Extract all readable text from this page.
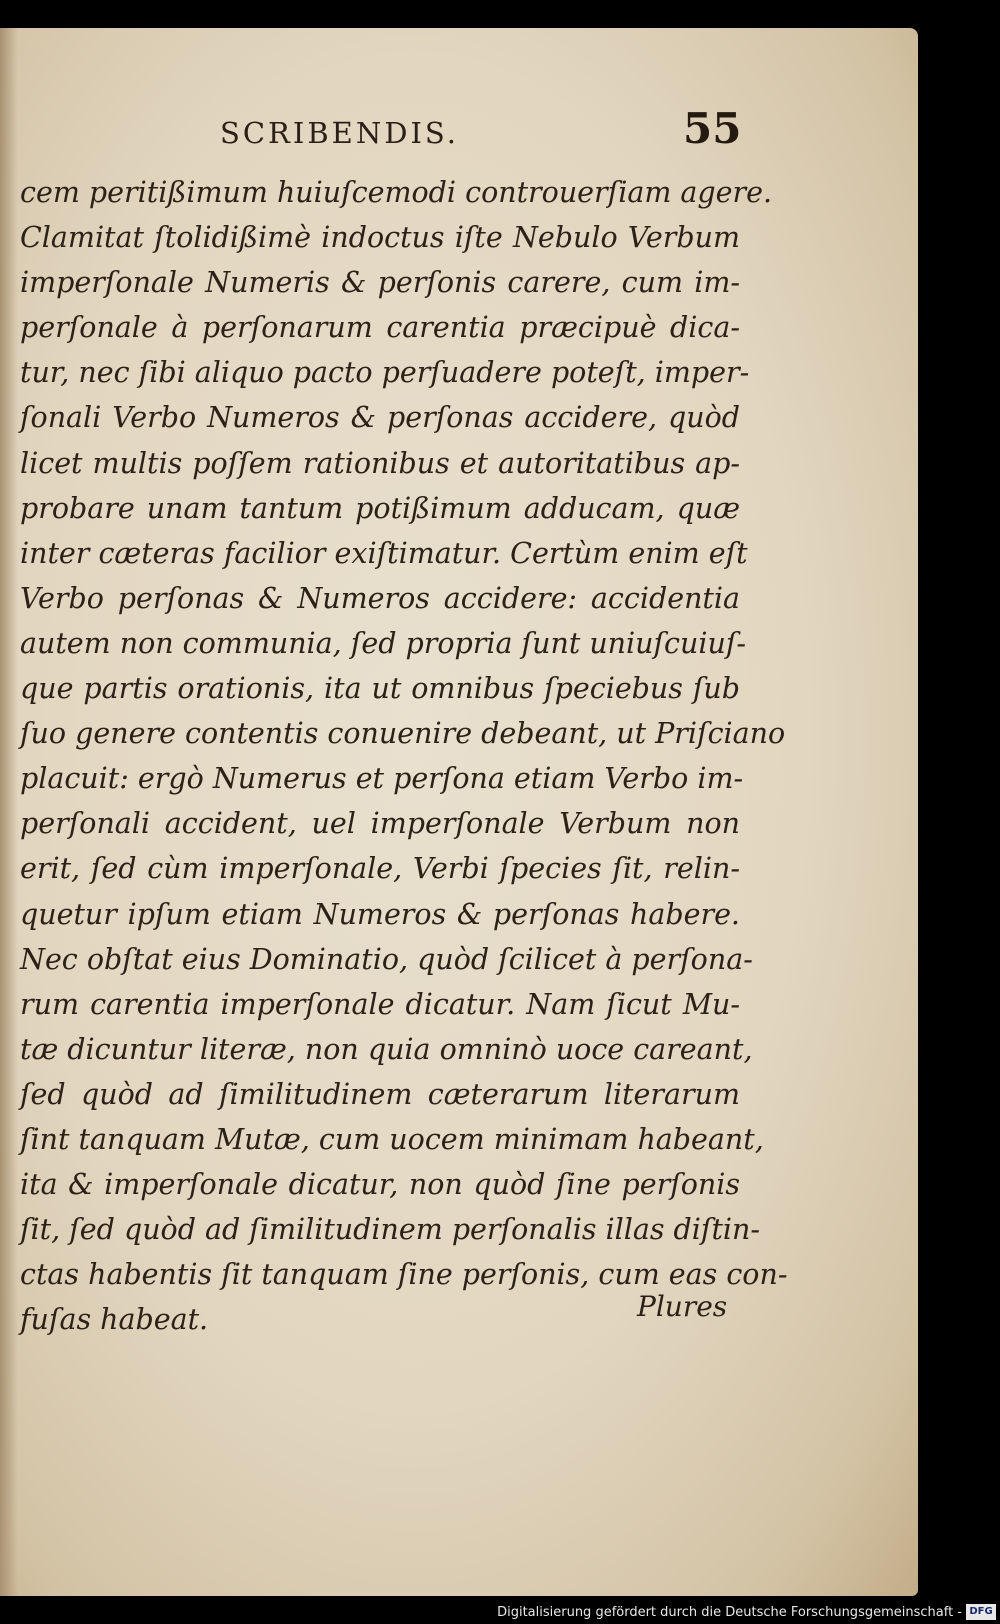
SCRIBENDIS.	55
cem peritißimum huiuſcemodi controuerſiam agere.
Clamitat ſtolidißimè indoctus iſte Nebulo Verbum
imperſonale Numeris & perſonis carere, cum im-
perſonale à perſonarum carentia præcipuè dica-
tur, nec ſibi aliquo pacto perſuadere poteſt, imper-
ſonali Verbo Numeros & perſonas accidere, quòd
licet multis poſſem rationibus et autoritatibus ap-
probare unam tantum potißimum adducam, quæ
inter cæteras facilior exiſtimatur. Certùm enim eſt
Verbo perſonas & Numeros accidere: accidentia
autem non communia, ſed propria ſunt uniuſcuiuſ-
que partis orationis, ita ut omnibus ſpeciebus ſub
ſuo genere contentis conuenire debeant, ut Priſciano
placuit: ergò Numerus et perſona etiam Verbo im-
perſonali accident, uel imperſonale Verbum non
erit, ſed cùm imperſonale, Verbi ſpecies ſit, relin-
quetur ipſum etiam Numeros & perſonas habere.
Nec obſtat eius Dominatio, quòd ſcilicet à perſona-
rum carentia imperſonale dicatur. Nam ſicut Mu-
tæ dicuntur literæ, non quia omninò uoce careant,
ſed quòd ad ſimilitudinem cæterarum literarum
ſint tanquam Mutæ, cum uocem minimam habeant,
ita & imperſonale dicatur, non quòd ſine perſonis
ſit, ſed quòd ad ſimilitudinem perſonalis illas diſtin-
ctas habentis ſit tanquam ſine perſonis, cum eas con-
fuſas habeat.	Plures
Digitalisierung gefördert durch die Deutsche Forschungsgemeinschaft - DFG
